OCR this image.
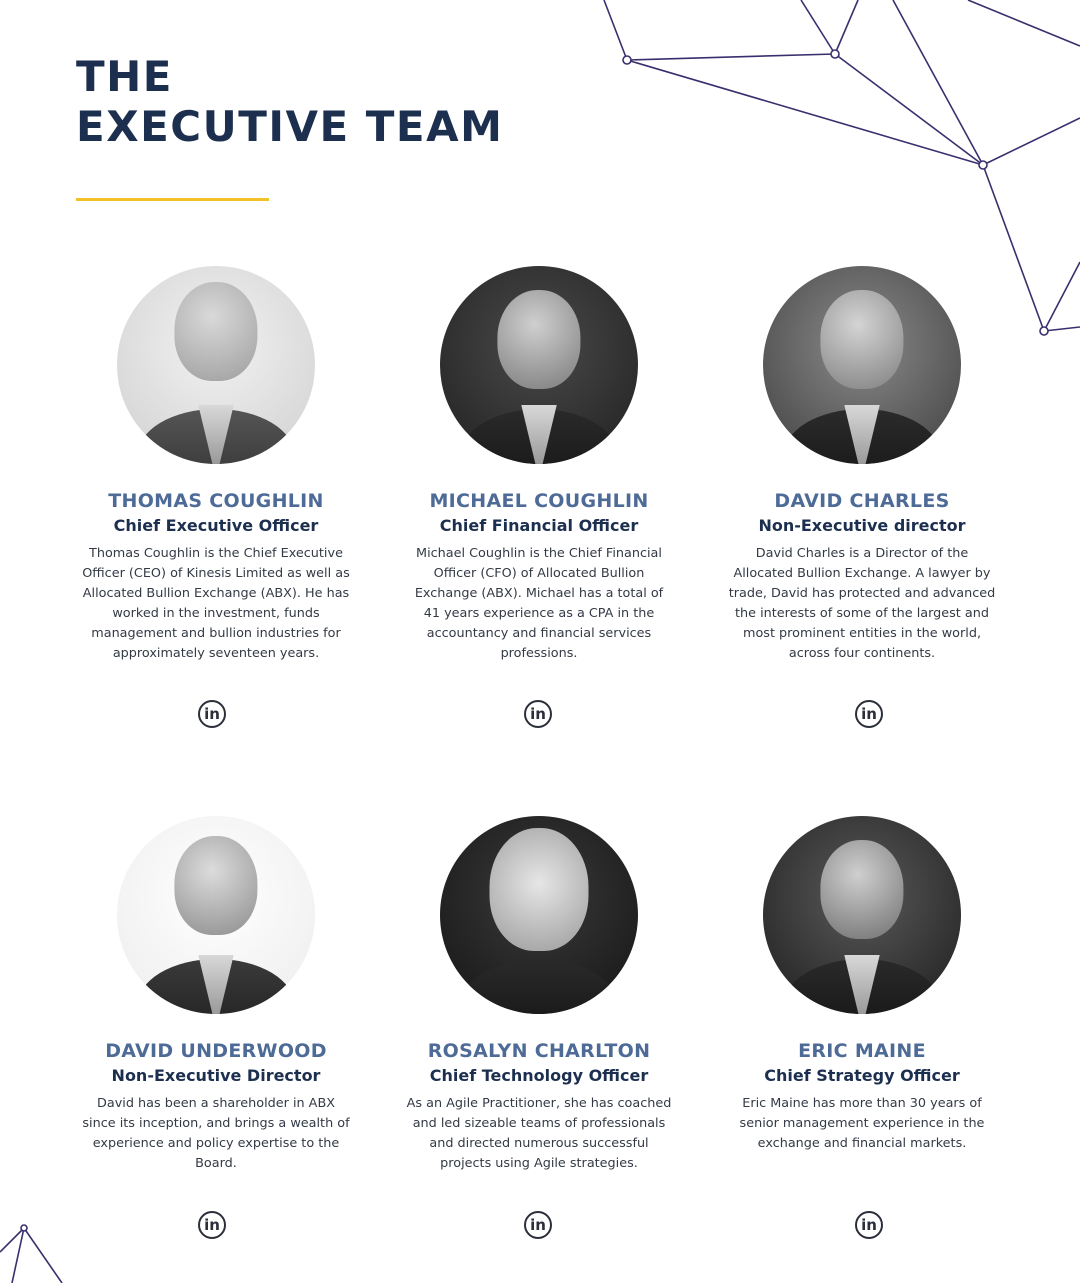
THE
EXECUTIVE TEAM
THOMAS COUGHLIN
Chief Executive Officer
Thomas Coughlin is the Chief Executive Officer (CEO) of Kinesis Limited as well as Allocated Bullion Exchange (ABX). He has worked in the investment, funds management and bullion industries for approximately seventeen years.
in
MICHAEL COUGHLIN
Chief Financial Officer
Michael Coughlin is the Chief Financial Officer (CFO) of Allocated Bullion Exchange (ABX). Michael has a total of 41 years experience as a CPA in the accountancy and financial services professions.
in
DAVID CHARLES
Non-Executive director
David Charles is a Director of the Allocated Bullion Exchange. A lawyer by trade, David has protected and advanced the interests of some of the largest and most prominent entities in the world, across four continents.
in
DAVID UNDERWOOD
Non-Executive Director
David has been a shareholder in ABX since its inception, and brings a wealth of experience and policy expertise to the Board.
in
ROSALYN CHARLTON
Chief Technology Officer
As an Agile Practitioner, she has coached and led sizeable teams of professionals and directed numerous successful projects using Agile strategies.
in
ERIC MAINE
Chief Strategy Officer
Eric Maine has more than 30 years of senior management experience in the exchange and financial markets.
in
